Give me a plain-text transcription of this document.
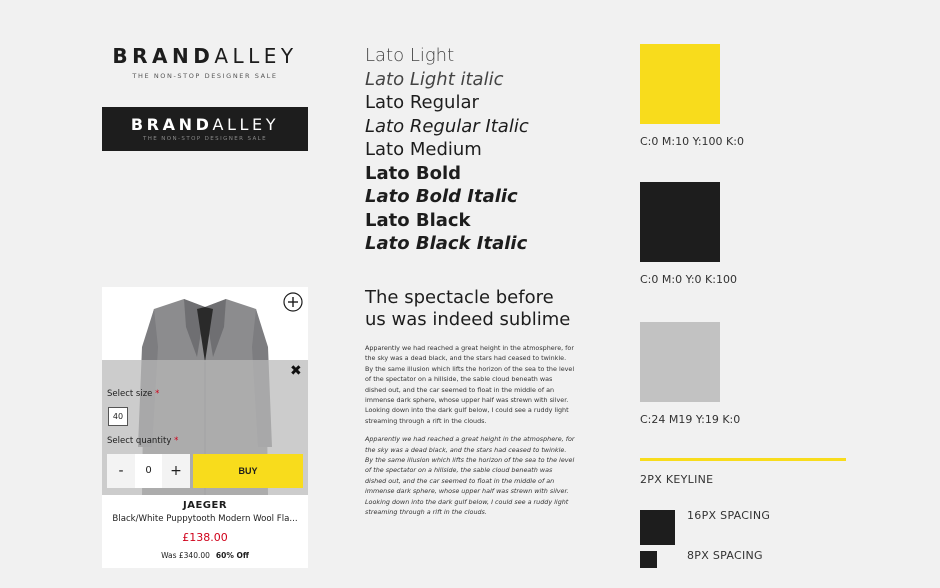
BRANDALLEY
THE NON-STOP DESIGNER SALE
BRANDALLEY
THE NON-STOP DESIGNER SALE
Lato Light
Lato Light italic
Lato Regular
Lato Regular Italic
Lato Medium
Lato Bold
Lato Bold Italic
Lato Black
Lato Black Italic
The spectacle before us was indeed sublime

Apparently we had reached a great height in the atmosphere, for the sky was a dead black, and the stars had ceased to twinkle. By the same illusion which lifts the horizon of the sea to the level of the spectator on a hillside, the sable cloud beneath was dished out, and the car seemed to float in the middle of an immense dark sphere, whose upper half was strewn with silver. Looking down into the dark gulf below, I could see a ruddy light streaming through a rift in the clouds.

Apparently we had reached a great height in the atmosphere, for the sky was a dead black, and the stars had ceased to twinkle. By the same illusion which lifts the horizon of the sea to the level of the spectator on a hillside, the sable cloud beneath was dished out, and the car seemed to float in the middle of an immense dark sphere, whose upper half was strewn with silver. Looking down into the dark gulf below, I could see a ruddy light streaming through a rift in the clouds.

C:0 M:10 Y:100 K:0
C:0 M:0 Y:0 K:100
C:24 M19 Y:19 K:0
2PX KEYLINE
16PX SPACING
8PX SPACING
✖
Select size *
40
Select quantity *
-	0	+	BUY
JAEGER
Black/White Puppytooth Modern Wool Fla...
£138.00
Was £340.00 60% Off
